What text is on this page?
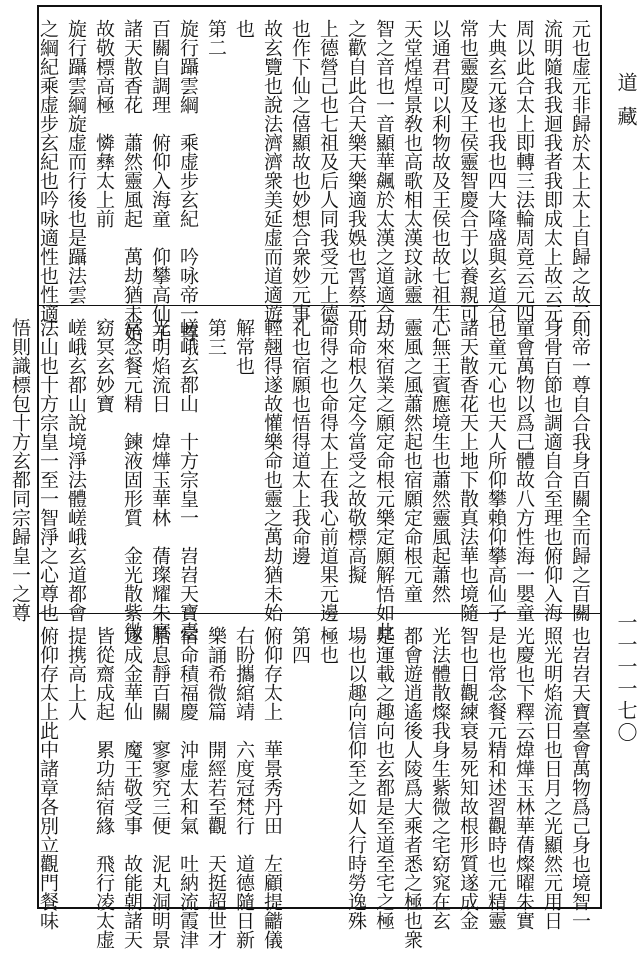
道藏
一一一一七〇
元也虚元非歸於太上太上自歸之故云
流明隨我我迴我者我即成太上故云元
周以此合太上即轉三法輪周竟云元四
大典玄元遂也我也四大隆盛與玄道合
常也靈慶及王侯靈智慶合于以養親可
以通君可以利物故及王侯也故七祖生
天堂煌煌景敎也高歌相太漢玟詠靈
智之音也一音顯華飆於太漢之道適合
之歡自此合天樂天樂適我娛也霄蔡元
上德營己也七祖及后人同我受元上德
也作下仙之僖顯故也妙想合衆妙元事
故玄覽也說法濟濟衆美延虚而道適遊
也
第二
旋行躡雲綱　乘虚步玄紀　吟咏帝一尊
百關自調理　俯仰入海童　仰攀高仙子
諸天散香花　蕭然靈風起　萬劫猶未始
故敬標高極　憐彝太上前
旋行躡雲綱旋虚而行後也是躡法雲
之綱紀乘虚步玄紀也吟咏適性也性適
則帝一尊自合我身百關全而歸之百關
身骨百節也調適自合至理也俯仰入海
童會萬物以爲己體故八方性海一嬰童
也童元心也天人所仰攀賴仰攀高仙子
諸天散香花天上地下散真法華也境隨
心無王賓應境生也蕭然靈風起蕭然
靈風之風蕭然起也宿願定命根元童
劫來宿業之願定命根元樂定願解悟如此
則命根久定今當受之故敬標高擬
命得之也命得太上在我心前道果元邊
礼也宿願也悟得道太上我命邊
輕翹得遂故懽樂命也靈之萬劫猶未始
解常也
第三
嵯峨玄都山　十方宗皇一　岧岧天寶臺
光明焰流日　煒燁玉華林　蒨璨耀朱實
常念餐元精　鍊液固形質　金光散紫微
窈冥玄妙寶
嵯峨玄都山說境淨法體嵯峨玄道都會
法山也十方宗皇一至一智淨之心尊也
悟則識標包十方玄都同宗歸皇一之尊
也岧岧天寶臺會萬物爲己身也境智一
照光明焰流日也日月之光顯然元用日
光慶也下釋云煒燁玉林華蒨燦曜朱實
是也常念餐元精和述習觀時也元精靈
智也日觀練衰易死知故根形質遂成金
光法體散燦我身生紫微之宅窈窕在玄
都會遊逍遙後人陵爲大乘者悉之極也衆
是運載之趣向也玄都是至道至宅之極
場也以趣向信仰至之如人行時勞逸殊
極也
第四
俯仰存太上　華景秀丹田　左顧提龤儀
右盼攜綰靖　六度冠梵行　道德隨日新
樂誦希微篇　開經若至觀　天挺超世才
宿命積福慶　沖虚太和氣　吐納流霞津
胎息靜百關　寥寥究三便　泥丸洞明景
遂成金華仙　魔王敬受事　故能朝諸天
皆從齋成起　累功結宿緣　飛行凌太虚
提携高上人
俯仰存太上此中諸章各別立觀門餐味
